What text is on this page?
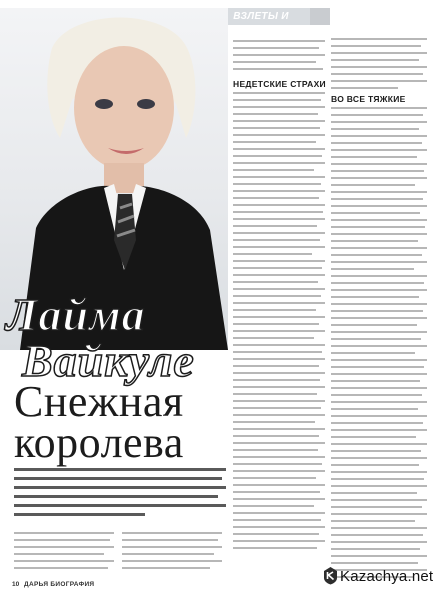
ВЗЛЕТЫ И ПАДЕНИЯ
Лайма
Вайкуле
Снежная
королева
НЕДЕТСКИЕ СТРАХИ
ВО ВСЕ ТЯЖКИЕ
10 ДАРЬЯ БИОГРАФИЯ	Kazachya.net
